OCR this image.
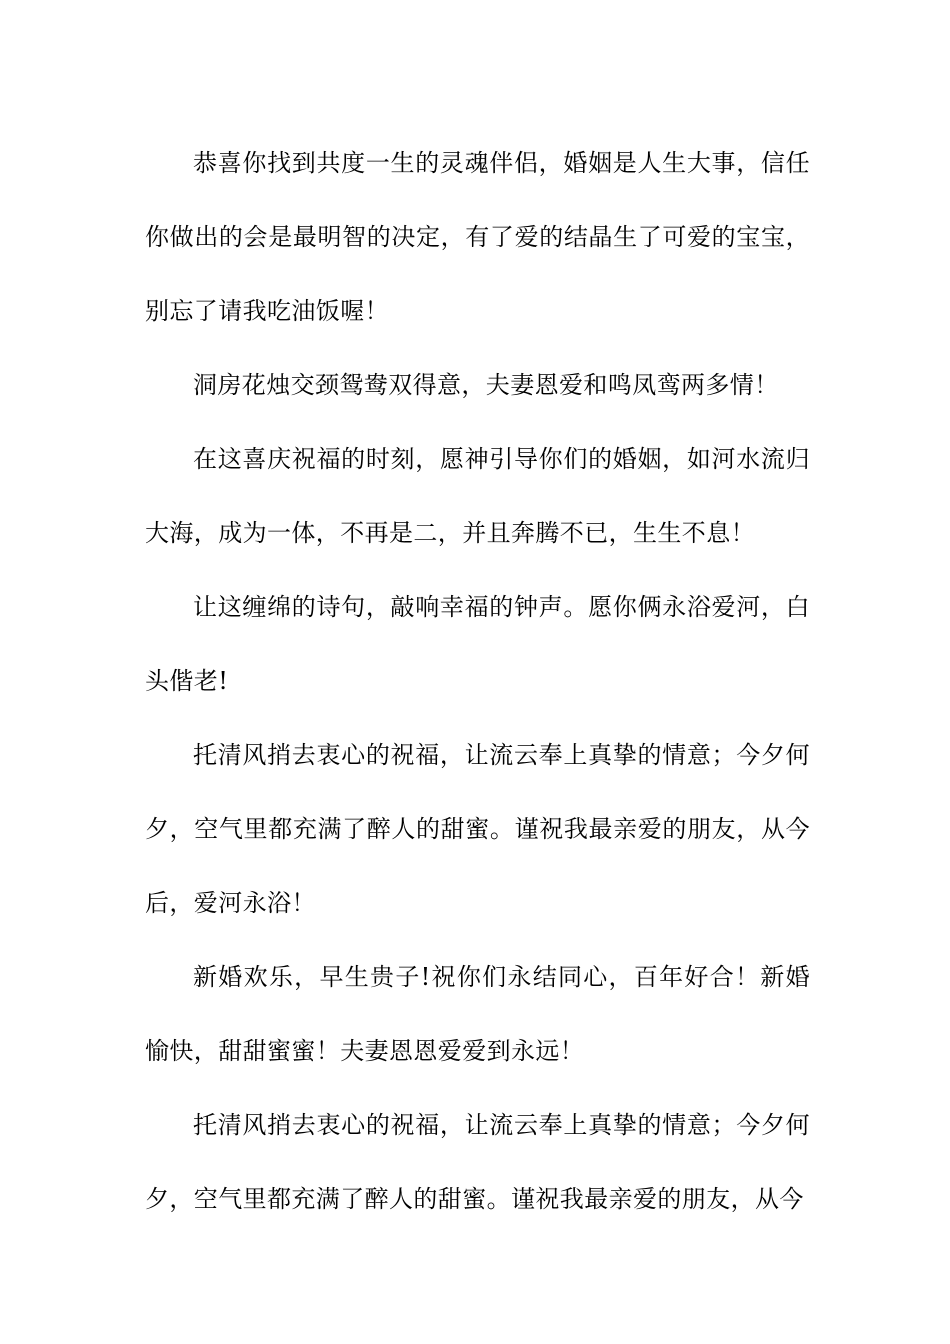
恭喜你找到共度一生的灵魂伴侣，婚姻是人生大事，信任你做出的会是最明智的决定，有了爱的结晶生了可爱的宝宝，别忘了请我吃油饭喔！

洞房花烛交颈鸳鸯双得意，夫妻恩爱和鸣凤鸾两多情！

在这喜庆祝福的时刻，愿神引导你们的婚姻，如河水流归大海，成为一体，不再是二，并且奔腾不已，生生不息！

让这缠绵的诗句，敲响幸福的钟声。愿你俩永浴爱河，白头偕老!

托清风捎去衷心的祝福，让流云奉上真挚的情意；今夕何夕，空气里都充满了醉人的甜蜜。谨祝我最亲爱的朋友，从今后，爱河永浴！

新婚欢乐，早生贵子!祝你们永结同心，百年好合！新婚愉快，甜甜蜜蜜！夫妻恩恩爱爱到永远！

托清风捎去衷心的祝福，让流云奉上真挚的情意；今夕何夕，空气里都充满了醉人的甜蜜。谨祝我最亲爱的朋友，从今
